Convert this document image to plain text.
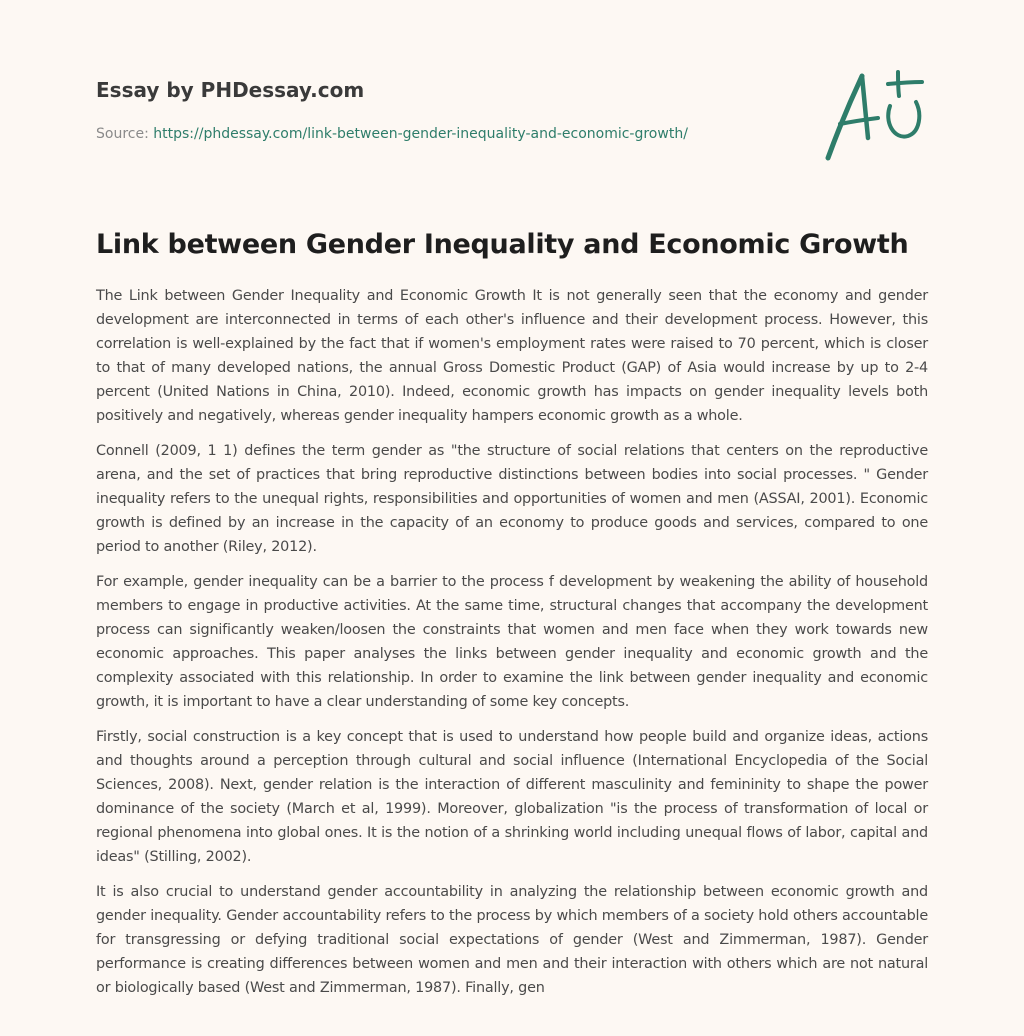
Essay by PHDessay.com
Source: https://phdessay.com/link-between-gender-inequality-and-economic-growth/
Link between Gender Inequality and Economic Growth

The Link between Gender Inequality and Economic Growth It is not generally seen that the economy and gender development are interconnected in terms of each other's influence and their development process. However, this correlation is well-explained by the fact that if women's employment rates were raised to 70 percent, which is closer to that of many developed nations, the annual Gross Domestic Product (GAP) of Asia would increase by up to 2-4 percent (United Nations in China, 2010). Indeed, economic growth has impacts on gender inequality levels both positively and negatively, whereas gender inequality hampers economic growth as a whole.

Connell (2009, 1 1) defines the term gender as "the structure of social relations that centers on the reproductive arena, and the set of practices that bring reproductive distinctions between bodies into social processes. " Gender inequality refers to the unequal rights, responsibilities and opportunities of women and men (ASSAI, 2001). Economic growth is defined by an increase in the capacity of an economy to produce goods and services, compared to one period to another (Riley, 2012).

For example, gender inequality can be a barrier to the process f development by weakening the ability of household members to engage in productive activities. At the same time, structural changes that accompany the development process can significantly weaken/loosen the constraints that women and men face when they work towards new economic approaches. This paper analyses the links between gender inequality and economic growth and the complexity associated with this relationship. In order to examine the link between gender inequality and economic growth, it is important to have a clear understanding of some key concepts.

Firstly, social construction is a key concept that is used to understand how people build and organize ideas, actions and thoughts around a perception through cultural and social influence (International Encyclopedia of the Social Sciences, 2008). Next, gender relation is the interaction of different masculinity and femininity to shape the power dominance of the society (March et al, 1999). Moreover, globalization "is the process of transformation of local or regional phenomena into global ones. It is the notion of a shrinking world including unequal flows of labor, capital and ideas" (Stilling, 2002).

It is also crucial to understand gender accountability in analyzing the relationship between economic growth and gender inequality. Gender accountability refers to the process by which members of a society hold others accountable for transgressing or defying traditional social expectations of gender (West and Zimmerman, 1987). Gender performance is creating differences between women and men and their interaction with others which are not natural or biologically based (West and Zimmerman, 1987). Finally, gen
